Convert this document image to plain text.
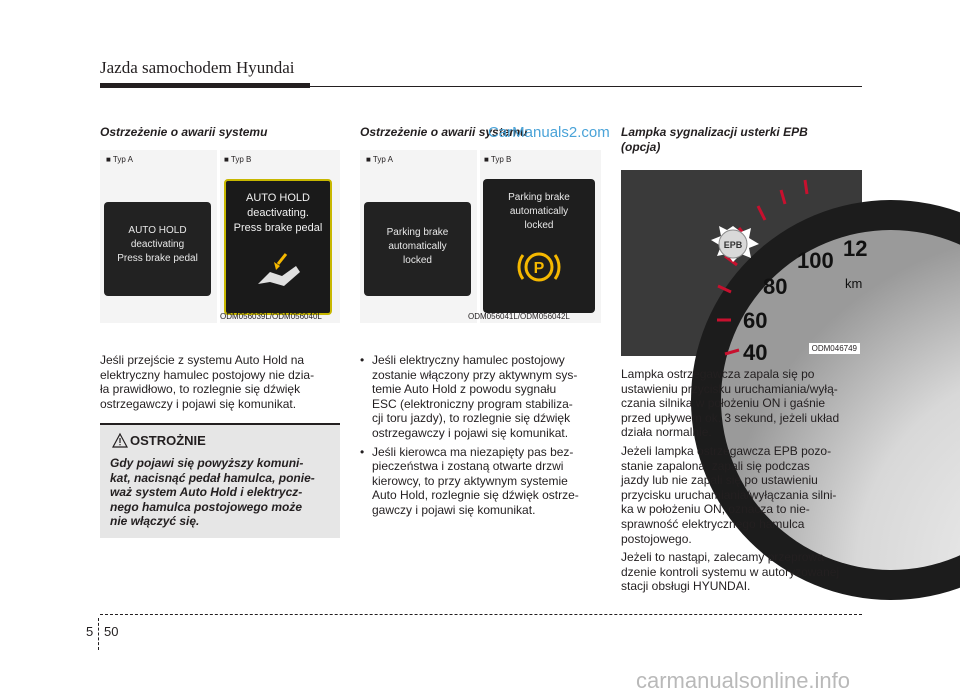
Jazda samochodem Hyundai
Ostrzeżenie o awarii systemu
■ Typ A	■ Typ B
AUTO HOLD
deactivating
Press brake pedal
AUTO HOLD
deactivating.
Press brake pedal
ODM056039L/ODM056040L
Jeśli przejście z systemu Auto Hold na
elektryczny hamulec postojowy nie dzia-
ła prawidłowo, to rozlegnie się dźwięk
ostrzegawczy i pojawi się komunikat.
OSTROŻNIE
Gdy pojawi się powyższy komuni-
kat, nacisnąć pedał hamulca, ponie-
waż system Auto Hold i elektrycz-
nego hamulca postojowego może
nie włączyć się.
Ostrzeżenie o awarii systemu
CarManuals2.com
■ Typ A	■ Typ B
Parking brake
automatically
locked
Parking brake
automatically
locked
P
ODM056041L/ODM056042L
• Jeśli elektryczny hamulec postojowy
zostanie włączony przy aktywnym sys-
temie Auto Hold z powodu sygnału
ESC (elektroniczny program stabiliza-
cji toru jazdy), to rozlegnie się dźwięk
ostrzegawczy i pojawi się komunikat.
• Jeśli kierowca ma niezapięty pas bez-
pieczeństwa i zostaną otwarte drzwi
kierowcy, to przy aktywnym systemie
Auto Hold, rozlegnie się dźwięk ostrze-
gawczy i pojawi się komunikat.
Lampka sygnalizacji usterki EPB
(opcja)
40
60
80
100 12
km
EPB
ODM046749

Lampka ostrzegawcza zapala się po
ustawieniu przycisku uruchamiania/wyłą-
czania silnika w położeniu ON i gaśnie
przed upływem ok. 3 sekund, jeżeli układ
działa normalnie.

Jeżeli lampka ostrzegawcza EPB pozo-
stanie zapalona, zapali się podczas
jazdy lub nie zapali się po ustawieniu
przycisku uruchamiania/wyłączania silni-
ka w położeniu ON, oznacza to nie-
sprawność elektrycznego hamulca
postojowego.

Jeżeli to nastąpi, zalecamy przeprowa-
dzenie kontroli systemu w autoryzowanej
stacji obsługi HYUNDAI.

5 50
carmanualsonline.info
